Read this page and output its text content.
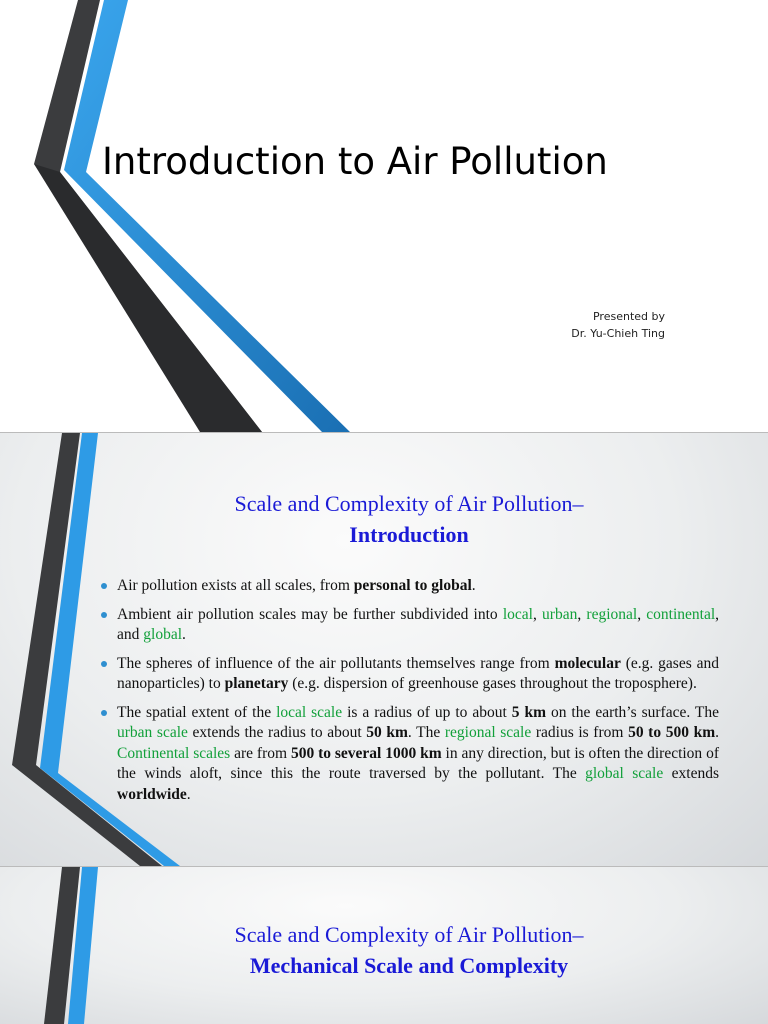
Introduction to Air Pollution
Presented by
Dr. Yu-Chieh Ting
Scale and Complexity of Air Pollution–
Introduction
Air pollution exists at all scales, from personal to global.
Ambient air pollution scales may be further subdivided into local, urban, regional, continental, and global.
The spheres of influence of the air pollutants themselves range from molecular (e.g. gases and nanoparticles) to planetary (e.g. dispersion of greenhouse gases throughout the troposphere).
The spatial extent of the local scale is a radius of up to about 5 km on the earth’s surface. The urban scale extends the radius to about 50 km. The regional scale radius is from 50 to 500 km. Continental scales are from 500 to several 1000 km in any direction, but is often the direction of the winds aloft, since this the route traversed by the pollutant. The global scale extends worldwide.
Scale and Complexity of Air Pollution–
Mechanical Scale and Complexity
